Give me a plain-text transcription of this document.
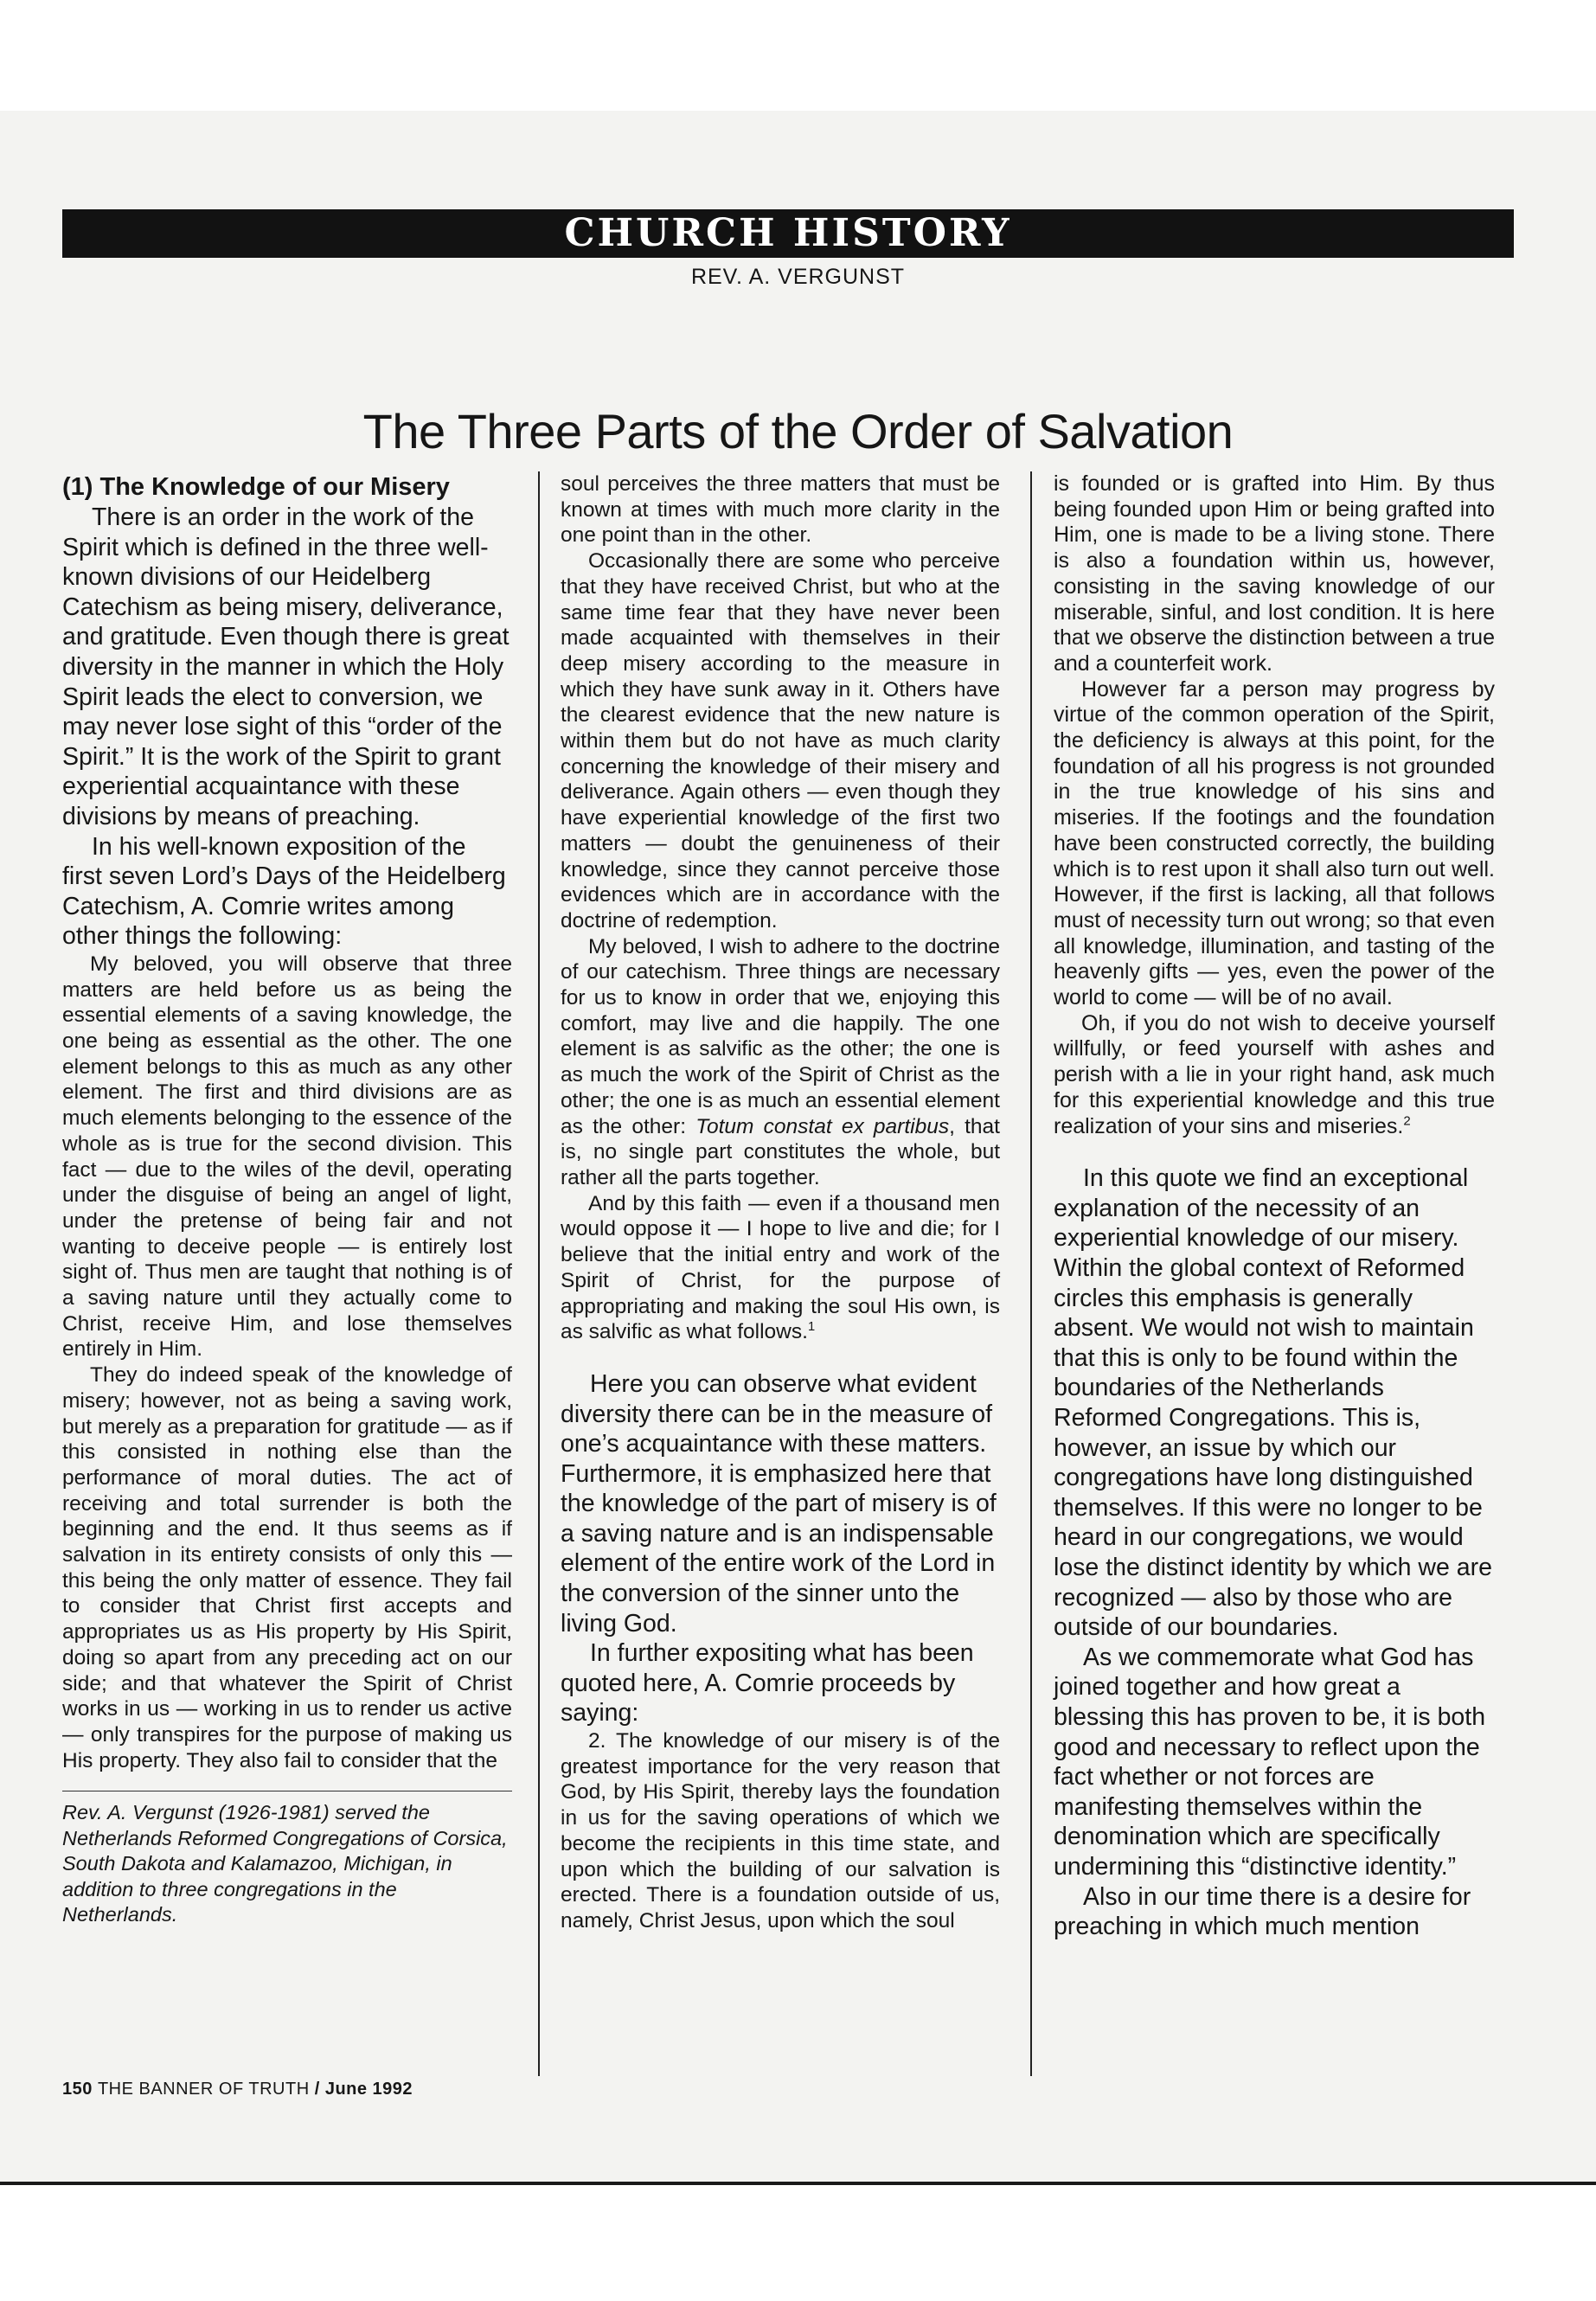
CHURCH HISTORY
REV. A. VERGUNST
The Three Parts of the Order of Salvation
(1) The Knowledge of our Misery

There is an order in the work of the Spirit which is defined in the three well-known divisions of our Heidelberg Catechism as being misery, deliverance, and gratitude. Even though there is great diversity in the manner in which the Holy Spirit leads the elect to conversion, we may never lose sight of this “order of the Spirit.” It is the work of the Spirit to grant experiential acquaintance with these divisions by means of preaching.

In his well-known exposition of the first seven Lord’s Days of the Heidelberg Catechism, A. Comrie writes among other things the following:

My beloved, you will observe that three matters are held before us as being the essential elements of a saving knowledge, the one being as essential as the other. The one element belongs to this as much as any other element. The first and third divisions are as much elements belonging to the essence of the whole as is true for the second division. This fact — due to the wiles of the devil, operating under the disguise of being an angel of light, under the pretense of being fair and not wanting to deceive people — is entirely lost sight of. Thus men are taught that nothing is of a saving nature until they actually come to Christ, receive Him, and lose themselves entirely in Him.

They do indeed speak of the knowledge of misery; however, not as being a saving work, but merely as a preparation for gratitude — as if this consisted in nothing else than the performance of moral duties. The act of receiving and total surrender is both the beginning and the end. It thus seems as if salvation in its entirety consists of only this — this being the only matter of essence. They fail to consider that Christ first accepts and appropriates us as His property by His Spirit, doing so apart from any preceding act on our side; and that whatever the Spirit of Christ works in us — working in us to render us active — only transpires for the purpose of making us His property. They also fail to consider that the

Rev. A. Vergunst (1926-1981) served the Netherlands Reformed Congregations of Corsica, South Dakota and Kalamazoo, Michigan, in addition to three congregations in the Netherlands.

soul perceives the three matters that must be known at times with much more clarity in the one point than in the other.

Occasionally there are some who perceive that they have received Christ, but who at the same time fear that they have never been made acquainted with themselves in their deep misery according to the measure in which they have sunk away in it. Others have the clearest evidence that the new nature is within them but do not have as much clarity concerning the knowledge of their misery and deliverance. Again others — even though they have experiential knowledge of the first two matters — doubt the genuineness of their knowledge, since they cannot perceive those evidences which are in accordance with the doctrine of redemption.

My beloved, I wish to adhere to the doctrine of our catechism. Three things are necessary for us to know in order that we, enjoying this comfort, may live and die happily. The one element is as salvific as the other; the one is as much the work of the Spirit of Christ as the other; the one is as much an essential element as the other: Totum constat ex partibus, that is, no single part constitutes the whole, but rather all the parts together.

And by this faith — even if a thousand men would oppose it — I hope to live and die; for I believe that the initial entry and work of the Spirit of Christ, for the purpose of appropriating and making the soul His own, is as salvific as what follows.$^1$

Here you can observe what evident diversity there can be in the measure of one’s acquaintance with these matters. Furthermore, it is emphasized here that the knowledge of the part of misery is of a saving nature and is an indispensable element of the entire work of the Lord in the conversion of the sinner unto the living God.

In further expositing what has been quoted here, A. Comrie proceeds by saying:

2. The knowledge of our misery is of the greatest importance for the very reason that God, by His Spirit, thereby lays the foundation in us for the saving operations of which we become the recipients in this time state, and upon which the building of our salvation is erected. There is a foundation outside of us, namely, Christ Jesus, upon which the soul

is founded or is grafted into Him. By thus being founded upon Him or being grafted into Him, one is made to be a living stone. There is also a foundation within us, however, consisting in the saving knowledge of our miserable, sinful, and lost condition. It is here that we observe the distinction between a true and a counterfeit work.

However far a person may progress by virtue of the common operation of the Spirit, the deficiency is always at this point, for the foundation of all his progress is not grounded in the true knowledge of his sins and miseries. If the footings and the foundation have been constructed correctly, the building which is to rest upon it shall also turn out well. However, if the first is lacking, all that follows must of necessity turn out wrong; so that even all knowledge, illumination, and tasting of the heavenly gifts — yes, even the power of the world to come — will be of no avail.

Oh, if you do not wish to deceive yourself willfully, or feed yourself with ashes and perish with a lie in your right hand, ask much for this experiential knowledge and this true realization of your sins and miseries.$^2$

In this quote we find an exceptional explanation of the necessity of an experiential knowledge of our misery. Within the global context of Reformed circles this emphasis is generally absent. We would not wish to maintain that this is only to be found within the boundaries of the Netherlands Reformed Congregations. This is, however, an issue by which our congregations have long distinguished themselves. If this were no longer to be heard in our congregations, we would lose the distinct identity by which we are recognized — also by those who are outside of our boundaries.

As we commemorate what God has joined together and how great a blessing this has proven to be, it is both good and necessary to reflect upon the fact whether or not forces are manifesting themselves within the denomination which are specifically undermining this “distinctive identity.”

Also in our time there is a desire for preaching in which much mention

150 THE BANNER OF TRUTH / June 1992
